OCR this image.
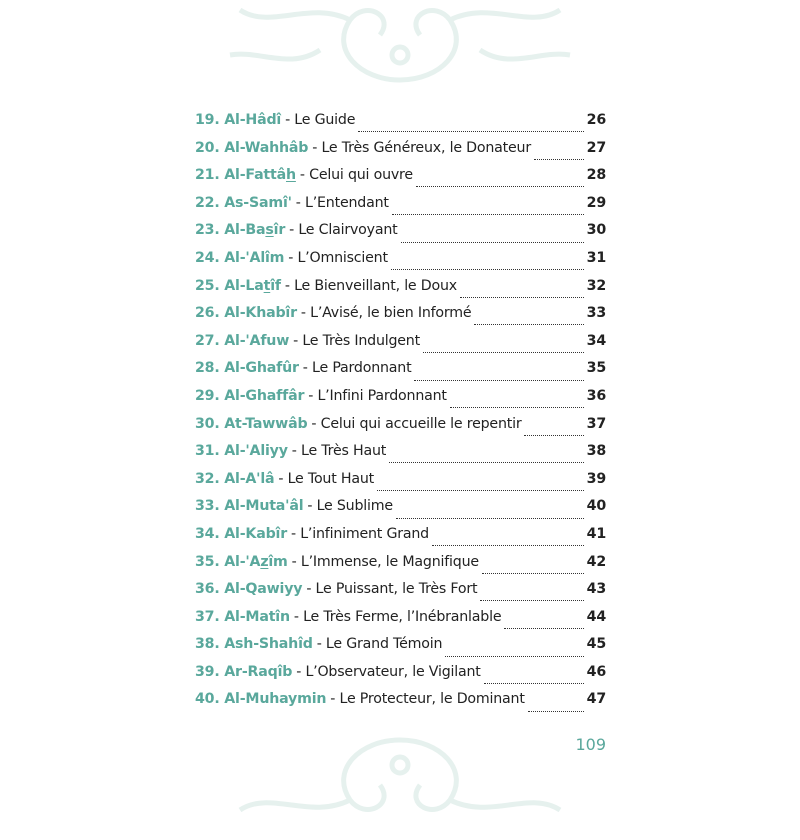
19. Al-Hâdî - Le Guide	26
20. Al-Wahhâb - Le Très Généreux, le Donateur	27
21. Al-Fattâh - Celui qui ouvre	28
22. As-Samî' - L’Entendant	29
23. Al-Basîr - Le Clairvoyant	30
24. Al-'Alîm - L’Omniscient	31
25. Al-Latîf - Le Bienveillant, le Doux	32
26. Al-Khabîr - L’Avisé, le bien Informé	33
27. Al-'Afuw - Le Très Indulgent	34
28. Al-Ghafûr - Le Pardonnant	35
29. Al-Ghaffâr - L’Infini Pardonnant	36
30. At-Tawwâb - Celui qui accueille le repentir	37
31. Al-'Aliyy - Le Très Haut	38
32. Al-A'lâ - Le Tout Haut	39
33. Al-Muta'âl - Le Sublime	40
34. Al-Kabîr - L’infiniment Grand	41
35. Al-'Azîm - L’Immense, le Magnifique	42
36. Al-Qawiyy - Le Puissant, le Très Fort	43
37. Al-Matîn - Le Très Ferme, l’Inébranlable	44
38. Ash-Shahîd - Le Grand Témoin	45
39. Ar-Raqîb - L’Observateur, le Vigilant	46
40. Al-Muhaymin - Le Protecteur, le Dominant	47
109
